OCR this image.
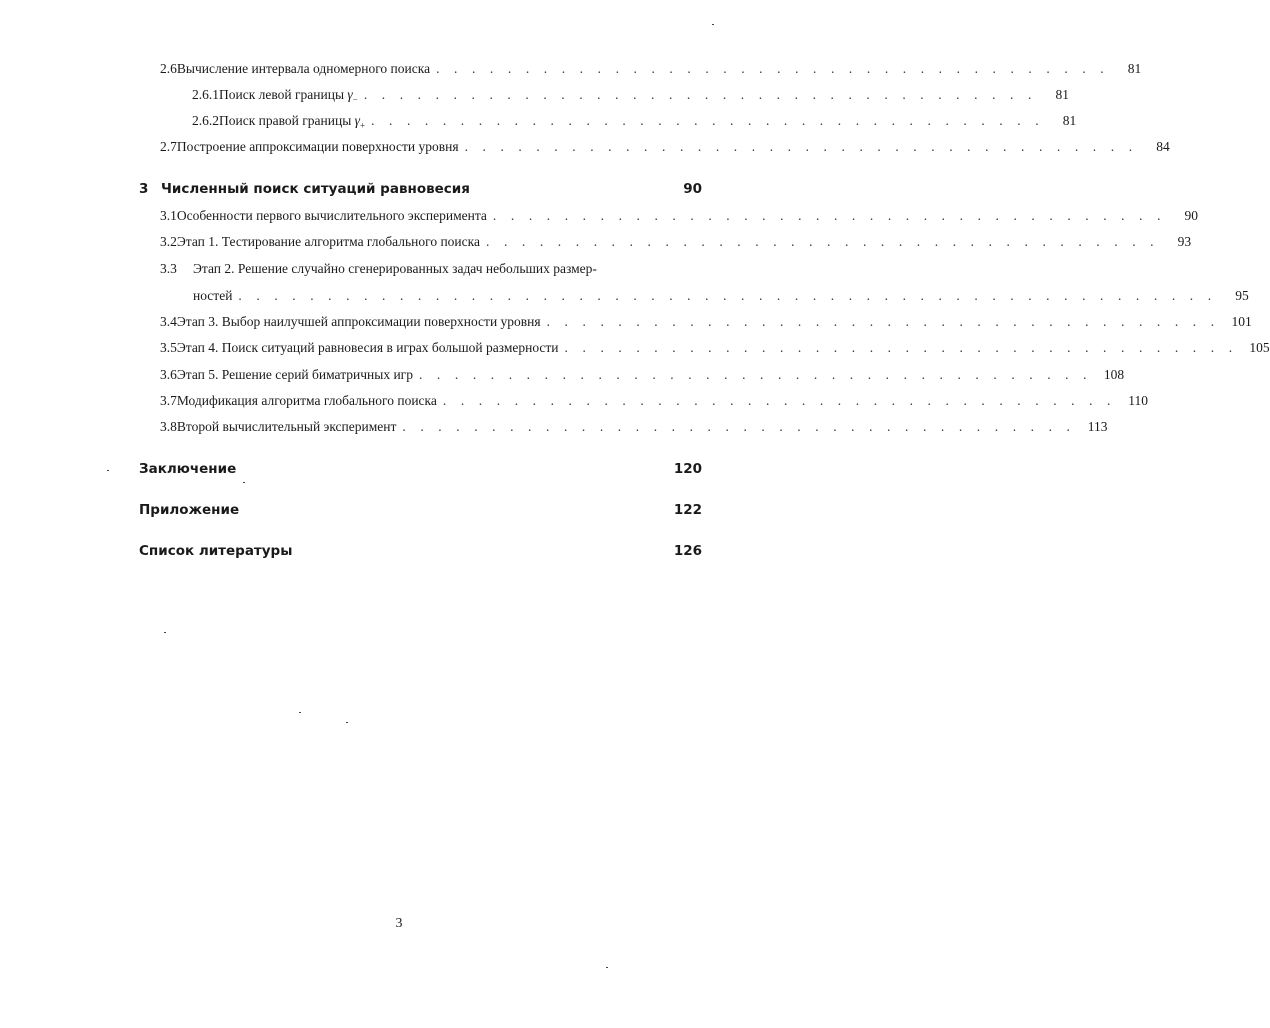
2.6 Вычисление интервала одномерного поиска . . . . . . . . . . . . . . . . . . . . . . . . . . . . . . . . . . . . . .	81
2.6.1 Поиск левой границы $\gamma_-$ . . . . . . . . . . . . . . . . . . . . . . . . . . . . . . . . . . . . . .	81
2.6.2 Поиск правой границы $\gamma_+$ . . . . . . . . . . . . . . . . . . . . . . . . . . . . . . . . . . . . . .	81
2.7 Построение аппроксимации поверхности уровня . . . . . . . . . . . . . . . . . . . . . . . . . . . . . . . . . . . . . .	84
3 Численный поиск ситуаций равновесия	90
3.1 Особенности первого вычислительного эксперимента . . . . . . . . . . . . . . . . . . . . . . . . . . . . . . . . . . . . . .	90
3.2 Этап 1. Тестирование алгоритма глобального поиска . . . . . . . . . . . . . . . . . . . . . . . . . . . . . . . . . . . . . .	93
3.3	Этап 2. Решение случайно сгенерированных задач небольших размер-
ностей . . . . . . . . . . . . . . . . . . . . . . . . . . . . . . . . . . . . . . . . . . . . . . . . . . . . . . .	95
3.4 Этап 3. Выбор наилучшей аппроксимации поверхности уровня . . . . . . . . . . . . . . . . . . . . . . . . . . . . . . . . . . . . . . 101
3.5 Этап 4. Поиск ситуаций равновесия в играх большой размерности . . . . . . . . . . . . . . . . . . . . . . . . . . . . . . . . . . . . . . 105
3.6 Этап 5. Решение серий биматричных игр . . . . . . . . . . . . . . . . . . . . . . . . . . . . . . . . . . . . . . 108
3.7 Модификация алгоритма глобального поиска . . . . . . . . . . . . . . . . . . . . . . . . . . . . . . . . . . . . . . 110
3.8 Второй вычислительный эксперимент . . . . . . . . . . . . . . . . . . . . . . . . . . . . . . . . . . . . . . 113
Заключение	120
Приложение	122
Список литературы	126
3
